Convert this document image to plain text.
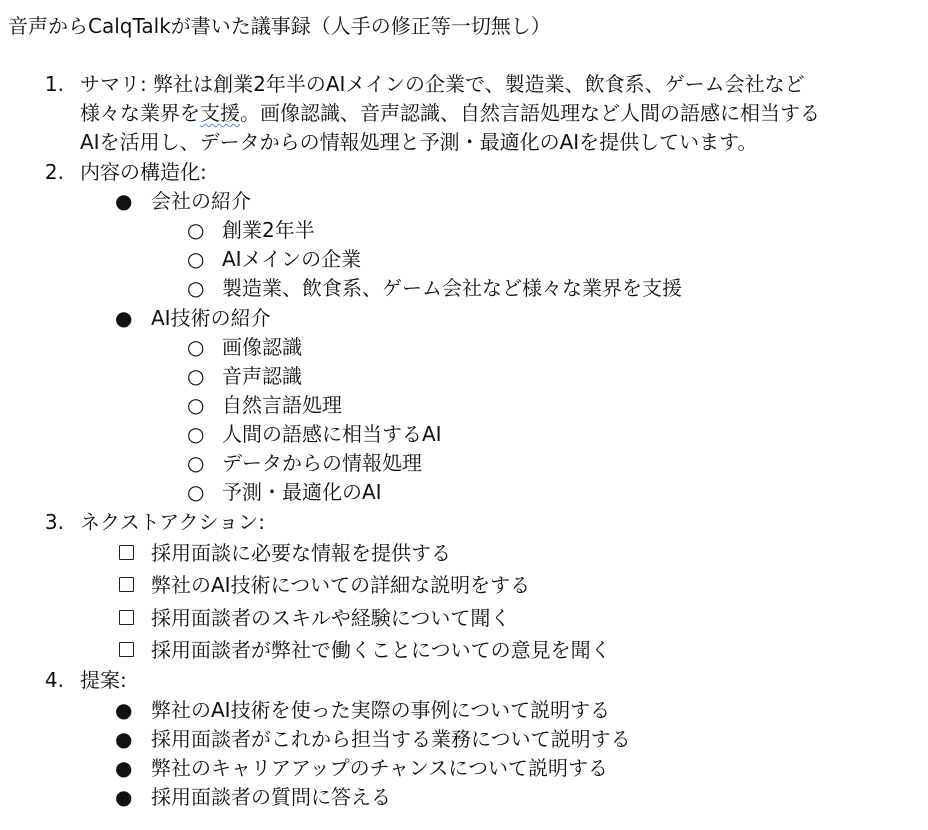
音声からCalqTalkが書いた議事録（人手の修正等一切無し）
1. サマリ: 弊社は創業2年半のAIメインの企業で、製造業、飲食系、ゲーム会社など
様々な業界を支援。画像認識、音声認識、自然言語処理など人間の語感に相当する
AIを活用し、データからの情報処理と予測・最適化のAIを提供しています。
2. 内容の構造化:
● 会社の紹介
○ 創業2年半
○ AIメインの企業
○ 製造業、飲食系、ゲーム会社など様々な業界を支援
● AI技術の紹介
○ 画像認識
○ 音声認識
○ 自然言語処理
○ 人間の語感に相当するAI
○ データからの情報処理
○ 予測・最適化のAI
3. ネクストアクション:
採用面談に必要な情報を提供する
弊社のAI技術についての詳細な説明をする
採用面談者のスキルや経験について聞く
採用面談者が弊社で働くことについての意見を聞く
4. 提案:
● 弊社のAI技術を使った実際の事例について説明する
● 採用面談者がこれから担当する業務について説明する
● 弊社のキャリアアップのチャンスについて説明する
● 採用面談者の質問に答える
